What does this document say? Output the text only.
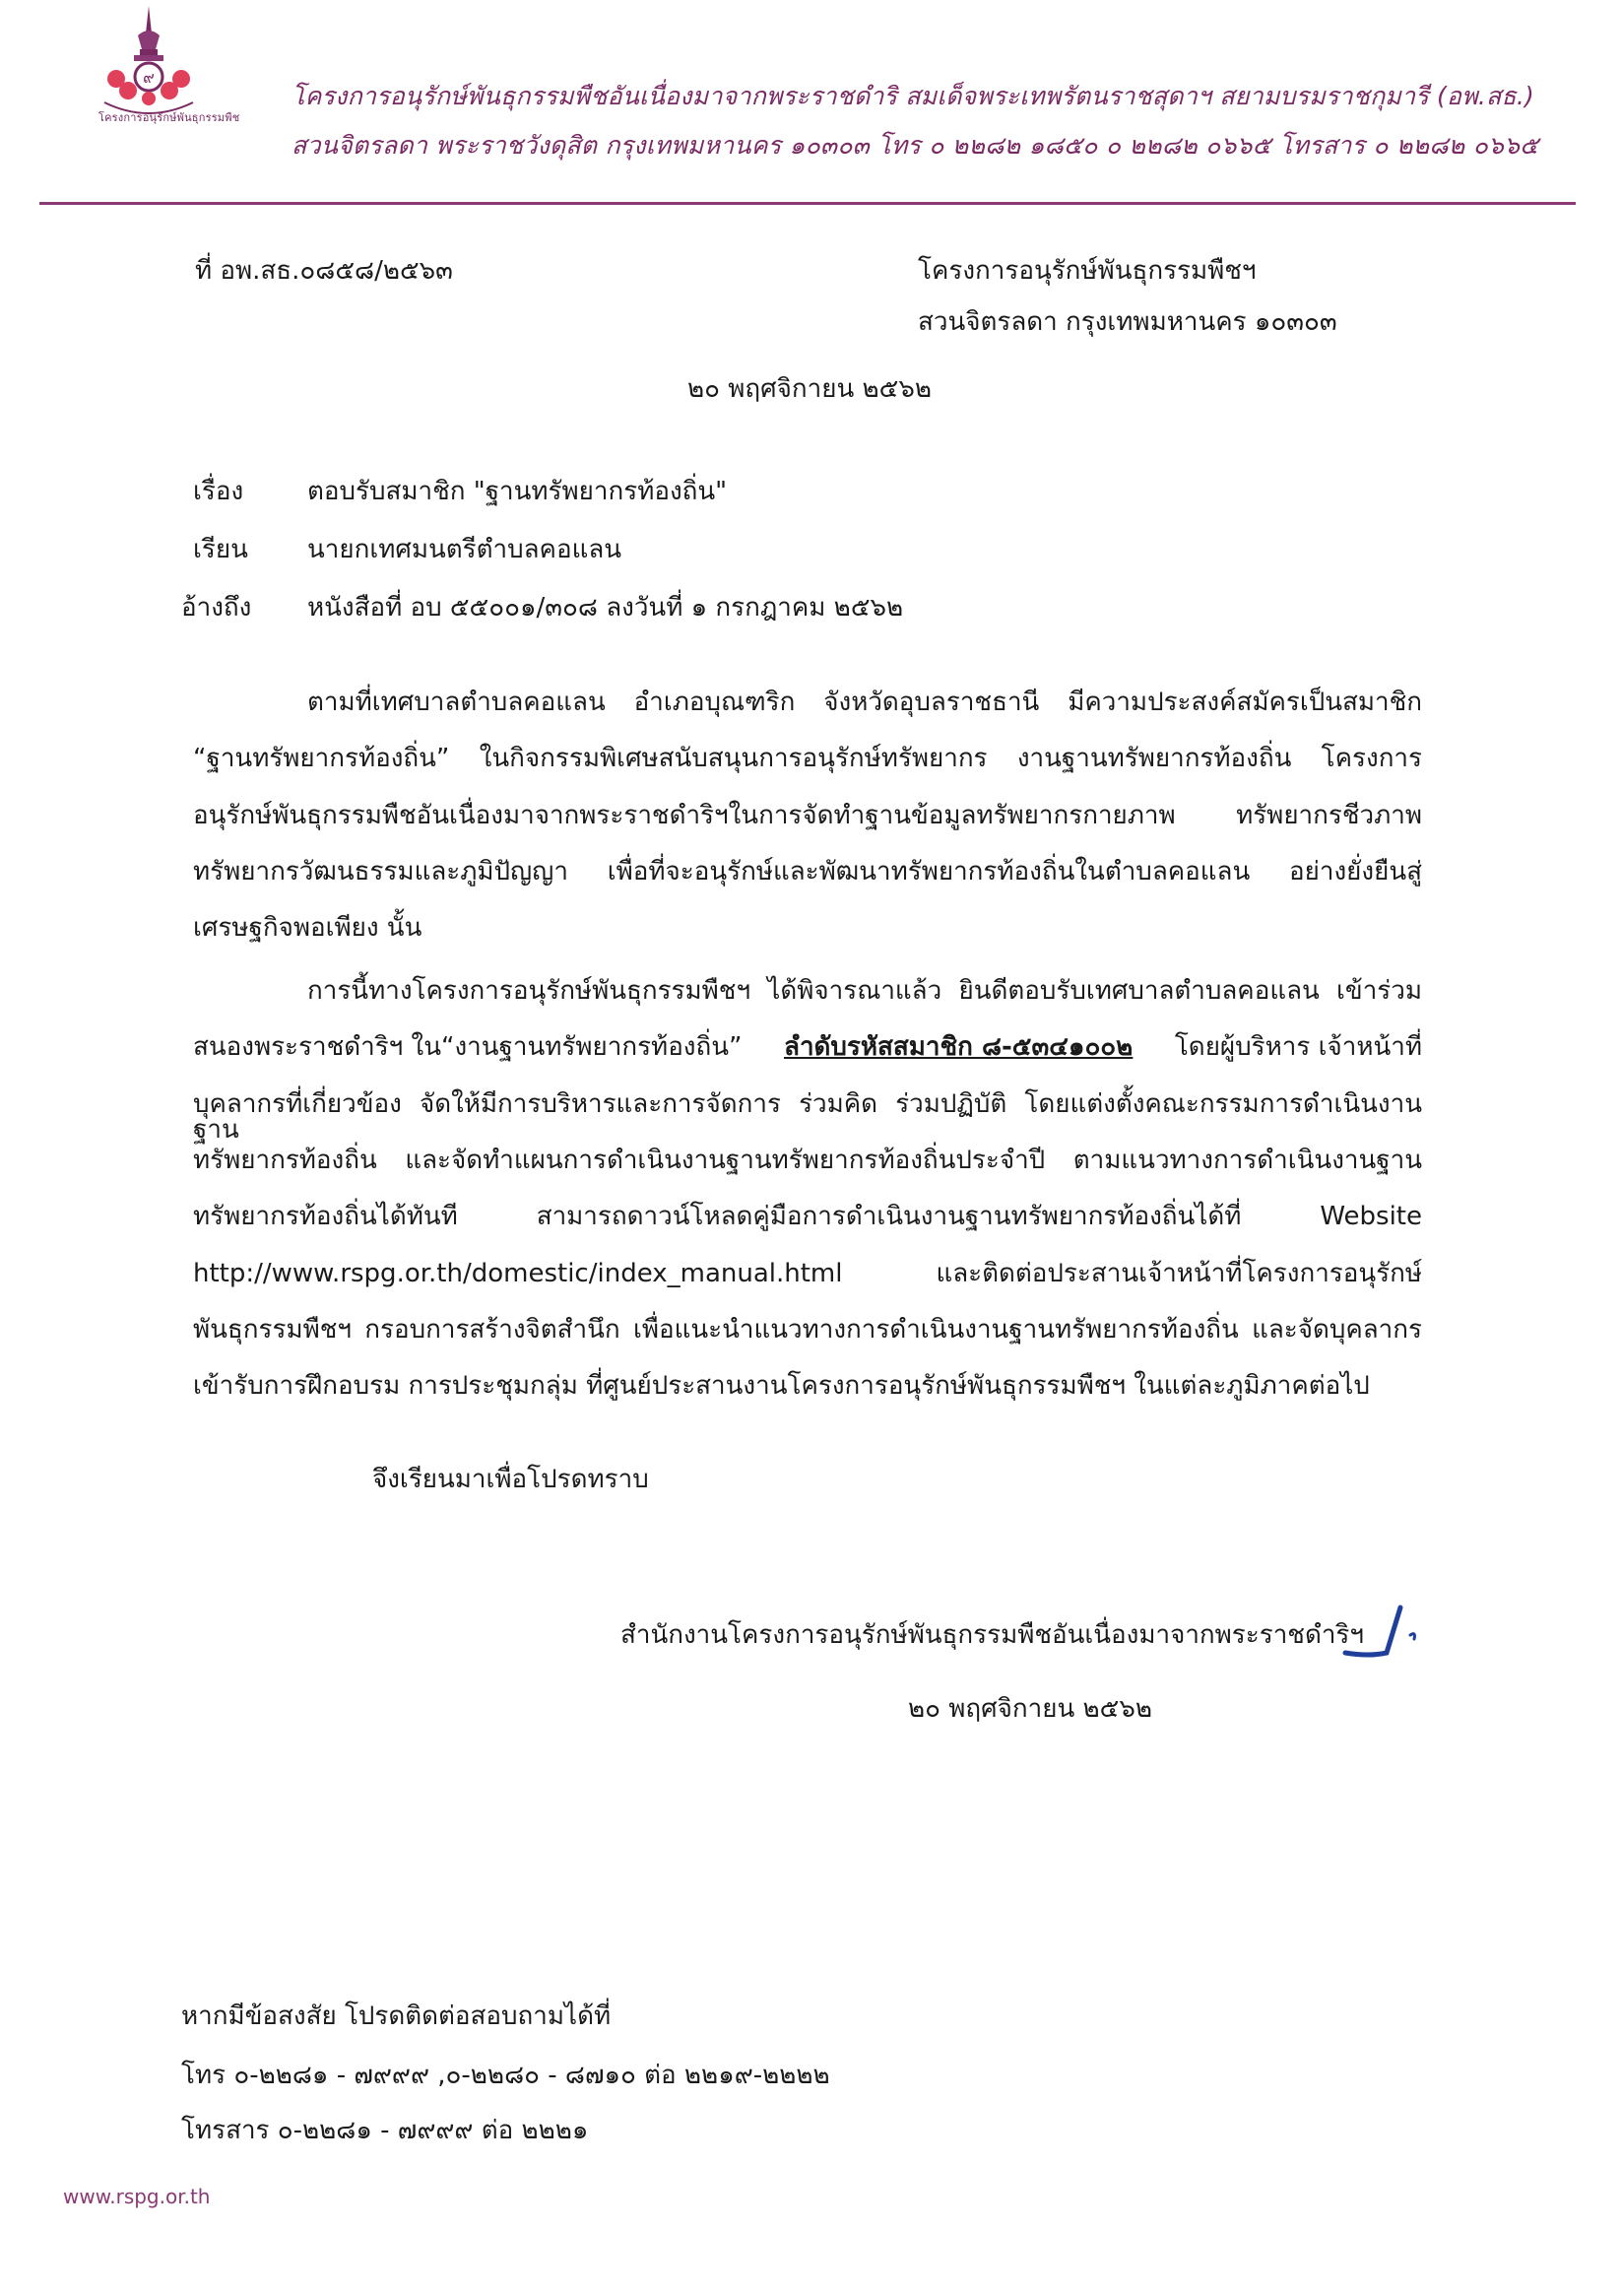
๙
โครงการอนุรักษ์พันธุกรรมพืช
โครงการอนุรักษ์พันธุกรรมพืชอันเนื่องมาจากพระราชดำริ สมเด็จพระเทพรัตนราชสุดาฯ สยามบรมราชกุมารี (อพ.สธ.)
สวนจิตรลดา พระราชวังดุสิต กรุงเทพมหานคร ๑๐๓๐๓ โทร ๐ ๒๒๘๒ ๑๘๕๐ ๐ ๒๒๘๒ ๐๖๖๕ โทรสาร ๐ ๒๒๘๒ ๐๖๖๕
ที่ อพ.สธ.๐๘๕๘/๒๕๖๓	โครงการอนุรักษ์พันธุกรรมพืชฯ
สวนจิตรลดา กรุงเทพมหานคร ๑๐๓๐๓
๒๐ พฤศจิกายน ๒๕๖๒
เรื่อง ตอบรับสมาชิก "ฐานทรัพยากรท้องถิ่น"
เรียน นายกเทศมนตรีตำบลคอแลน
อ้างถึง หนังสือที่ อบ ๕๕๐๐๑/๓๐๘ ลงวันที่ ๑ กรกฎาคม ๒๕๖๒
ตามที่เทศบาลตำบลคอแลน อำเภอบุณฑริก จังหวัดอุบลราชธานี มีความประสงค์สมัครเป็นสมาชิก
“ฐานทรัพยากรท้องถิ่น” ในกิจกรรมพิเศษสนับสนุนการอนุรักษ์ทรัพยากร งานฐานทรัพยากรท้องถิ่น โครงการ
อนุรักษ์พันธุกรรมพืชอันเนื่องมาจากพระราชดำริฯในการจัดทำฐานข้อมูลทรัพยากรกายภาพ ทรัพยากรชีวภาพ
ทรัพยากรวัฒนธรรมและภูมิปัญญา เพื่อที่จะอนุรักษ์และพัฒนาทรัพยากรท้องถิ่นในตำบลคอแลน อย่างยั่งยืนสู่
เศรษฐกิจพอเพียง นั้น
การนี้ทางโครงการอนุรักษ์พันธุกรรมพืชฯ ได้พิจารณาแล้ว ยินดีตอบรับเทศบาลตำบลคอแลน เข้าร่วม
สนองพระราชดำริฯ ใน“งานฐานทรัพยากรท้องถิ่น” ลำดับรหัสสมาชิก ๘-๕๓๔๑๐๐๒ โดยผู้บริหาร เจ้าหน้าที่
บุคลากรที่เกี่ยวข้อง จัดให้มีการบริหารและการจัดการ ร่วมคิด ร่วมปฏิบัติ โดยแต่งตั้งคณะกรรมการดำเนินงานฐาน
ทรัพยากรท้องถิ่น และจัดทำแผนการดำเนินงานฐานทรัพยากรท้องถิ่นประจำปี ตามแนวทางการดำเนินงานฐาน
ทรัพยากรท้องถิ่นได้ทันที สามารถดาวน์โหลดคู่มือการดำเนินงานฐานทรัพยากรท้องถิ่นได้ที่ Website
http://www.rspg.or.th/domestic/index_manual.html และติดต่อประสานเจ้าหน้าที่โครงการอนุรักษ์
พันธุกรรมพืชฯ กรอบการสร้างจิตสำนึก เพื่อแนะนำแนวทางการดำเนินงานฐานทรัพยากรท้องถิ่น และจัดบุคลากร
เข้ารับการฝึกอบรม การประชุมกลุ่ม ที่ศูนย์ประสานงานโครงการอนุรักษ์พันธุกรรมพืชฯ ในแต่ละภูมิภาคต่อไป
จึงเรียนมาเพื่อโปรดทราบ
สำนักงานโครงการอนุรักษ์พันธุกรรมพืชอันเนื่องมาจากพระราชดำริฯ
๒๐ พฤศจิกายน ๒๕๖๒
หากมีข้อสงสัย โปรดติดต่อสอบถามได้ที่
โทร ๐-๒๒๘๑ - ๗๙๙๙ ,๐-๒๒๘๐ - ๘๗๑๐ ต่อ ๒๒๑๙-๒๒๒๒
โทรสาร ๐-๒๒๘๑ - ๗๙๙๙ ต่อ ๒๒๒๑
www.rspg.or.th
